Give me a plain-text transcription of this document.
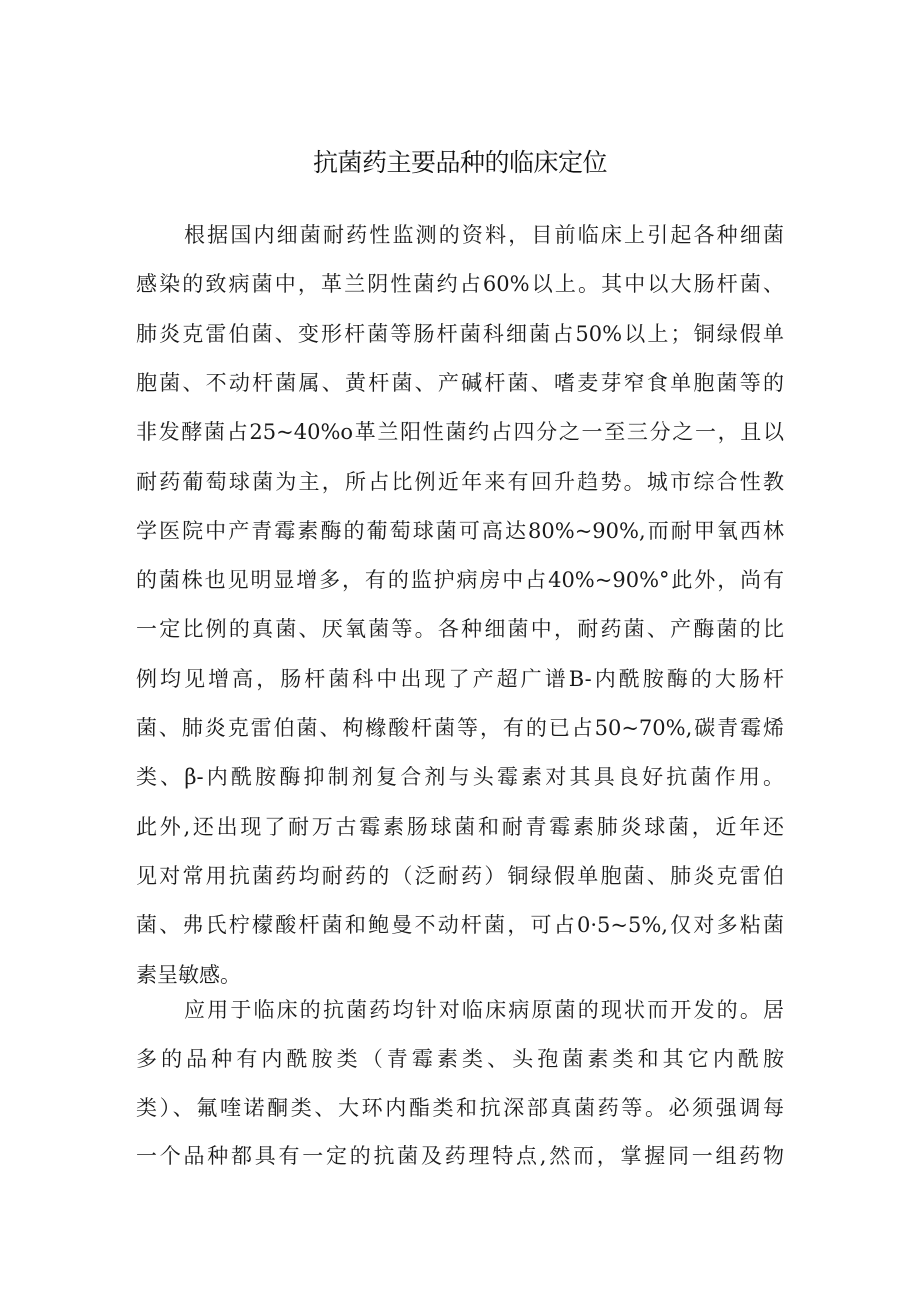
抗菌药主要品种的临床定位
根据国内细菌耐药性监测的资料，目前临床上引起各种细菌
感染的致病菌中，革兰阴性菌约占60%以上。其中以大肠杆菌、
肺炎克雷伯菌、变形杆菌等肠杆菌科细菌占50%以上；铜绿假单
胞菌、不动杆菌属、黄杆菌、产碱杆菌、嗜麦芽窄食单胞菌等的
非发酵菌占25~40%o革兰阳性菌约占四分之一至三分之一，且以
耐药葡萄球菌为主，所占比例近年来有回升趋势。城市综合性教
学医院中产青霉素酶的葡萄球菌可高达80%~90%,而耐甲氧西林
的菌株也见明显增多，有的监护病房中占40%~90%°此外，尚有
一定比例的真菌、厌氧菌等。各种细菌中，耐药菌、产酶菌的比
例均见增高，肠杆菌科中出现了产超广谱B-内酰胺酶的大肠杆
菌、肺炎克雷伯菌、枸橼酸杆菌等，有的已占50~70%,碳青霉烯
类、β-内酰胺酶抑制剂复合剂与头霉素对其具良好抗菌作用。
此外,还出现了耐万古霉素肠球菌和耐青霉素肺炎球菌，近年还
见对常用抗菌药均耐药的（泛耐药）铜绿假单胞菌、肺炎克雷伯
菌、弗氏柠檬酸杆菌和鲍曼不动杆菌，可占0·5~5%,仅对多粘菌
素呈敏感。
应用于临床的抗菌药均针对临床病原菌的现状而开发的。居
多的品种有内酰胺类（青霉素类、头孢菌素类和其它内酰胺
类）、氟喹诺酮类、大环内酯类和抗深部真菌药等。必须强调每
一个品种都具有一定的抗菌及药理特点,然而，掌握同一组药物
